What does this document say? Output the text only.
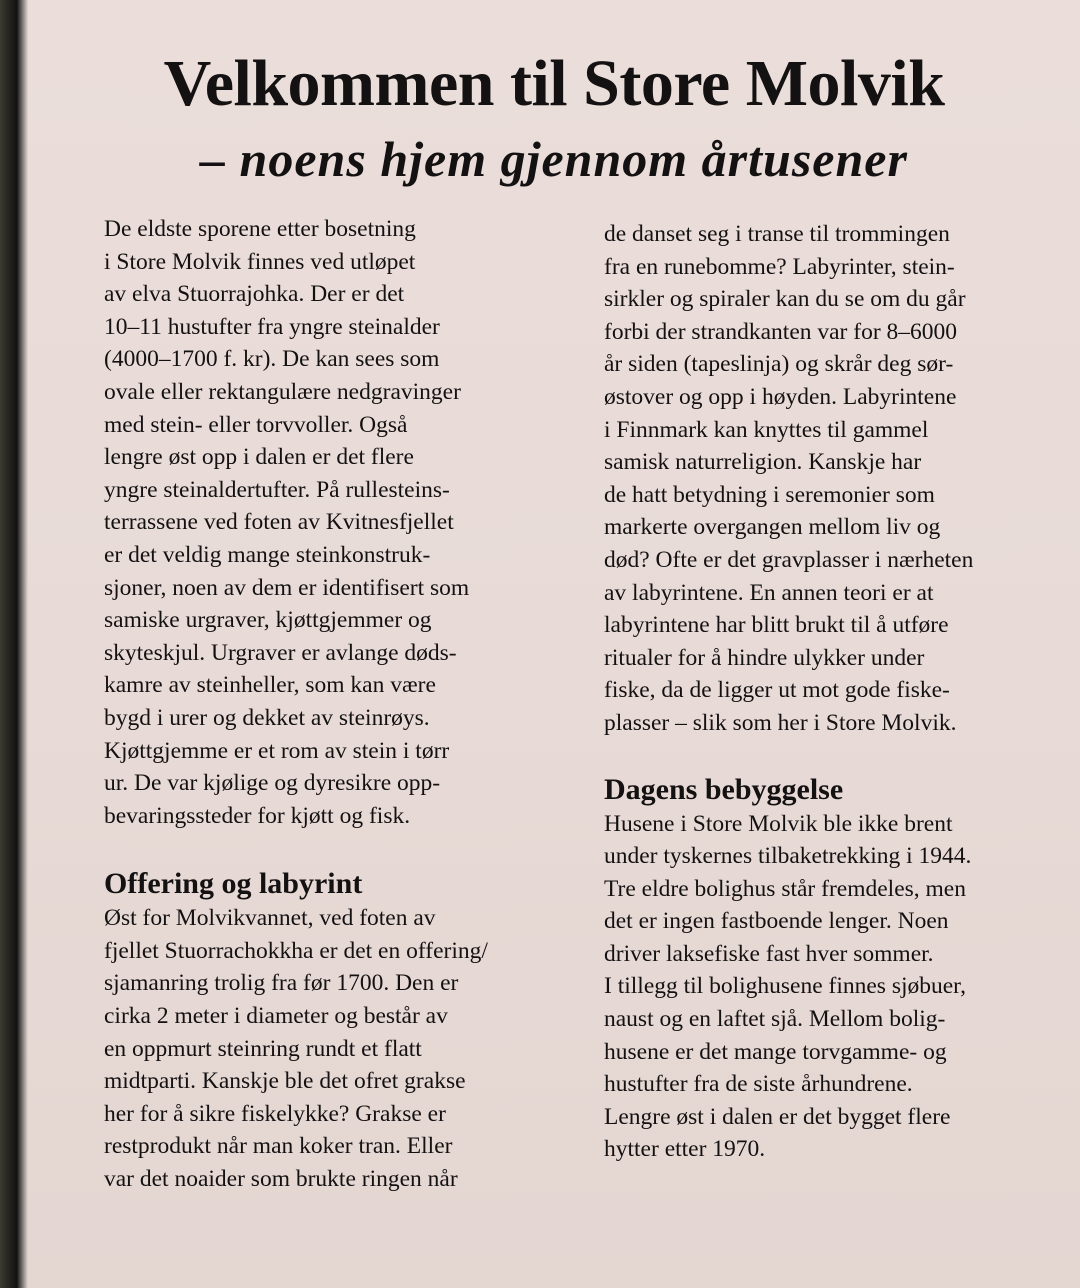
Velkommen til Store Molvik
– noens hjem gjennom årtusener
De eldste sporene etter bosetning
i Store Molvik finnes ved utløpet
av elva Stuorrajohka. Der er det
10–11 hustufter fra yngre steinalder
(4000–1700 f. kr). De kan sees som
ovale eller rektangulære nedgravinger
med stein- eller torvvoller. Også
lengre øst opp i dalen er det flere
yngre steinaldertufter. På rullesteins-
terrassene ved foten av Kvitnesfjellet
er det veldig mange steinkonstruk-
sjoner, noen av dem er identifisert som
samiske urgraver, kjøttgjemmer og
skyteskjul. Urgraver er avlange døds-
kamre av steinheller, som kan være
bygd i urer og dekket av steinrøys.
Kjøttgjemme er et rom av stein i tørr
ur. De var kjølige og dyresikre opp-
bevaringssteder for kjøtt og fisk.
Offering og labyrint
Øst for Molvikvannet, ved foten av
fjellet Stuorrachokkha er det en offering/
sjamanring trolig fra før 1700. Den er
cirka 2 meter i diameter og består av
en oppmurt steinring rundt et flatt
midtparti. Kanskje ble det ofret grakse
her for å sikre fiskelykke? Grakse er
restprodukt når man koker tran. Eller
var det noaider som brukte ringen når
de danset seg i transe til trommingen
fra en runebomme? Labyrinter, stein-
sirkler og spiraler kan du se om du går
forbi der strandkanten var for 8–6000
år siden (tapeslinja) og skrår deg sør-
østover og opp i høyden. Labyrintene
i Finnmark kan knyttes til gammel
samisk naturreligion. Kanskje har
de hatt betydning i seremonier som
markerte overgangen mellom liv og
død? Ofte er det gravplasser i nærheten
av labyrintene. En annen teori er at
labyrintene har blitt brukt til å utføre
ritualer for å hindre ulykker under
fiske, da de ligger ut mot gode fiske-
plasser – slik som her i Store Molvik.
Dagens bebyggelse
Husene i Store Molvik ble ikke brent
under tyskernes tilbaketrekking i 1944.
Tre eldre bolighus står fremdeles, men
det er ingen fastboende lenger. Noen
driver laksefiske fast hver sommer.
I tillegg til bolighusene finnes sjøbuer,
naust og en laftet sjå. Mellom bolig-
husene er det mange torvgamme- og
hustufter fra de siste århundrene.
Lengre øst i dalen er det bygget flere
hytter etter 1970.
